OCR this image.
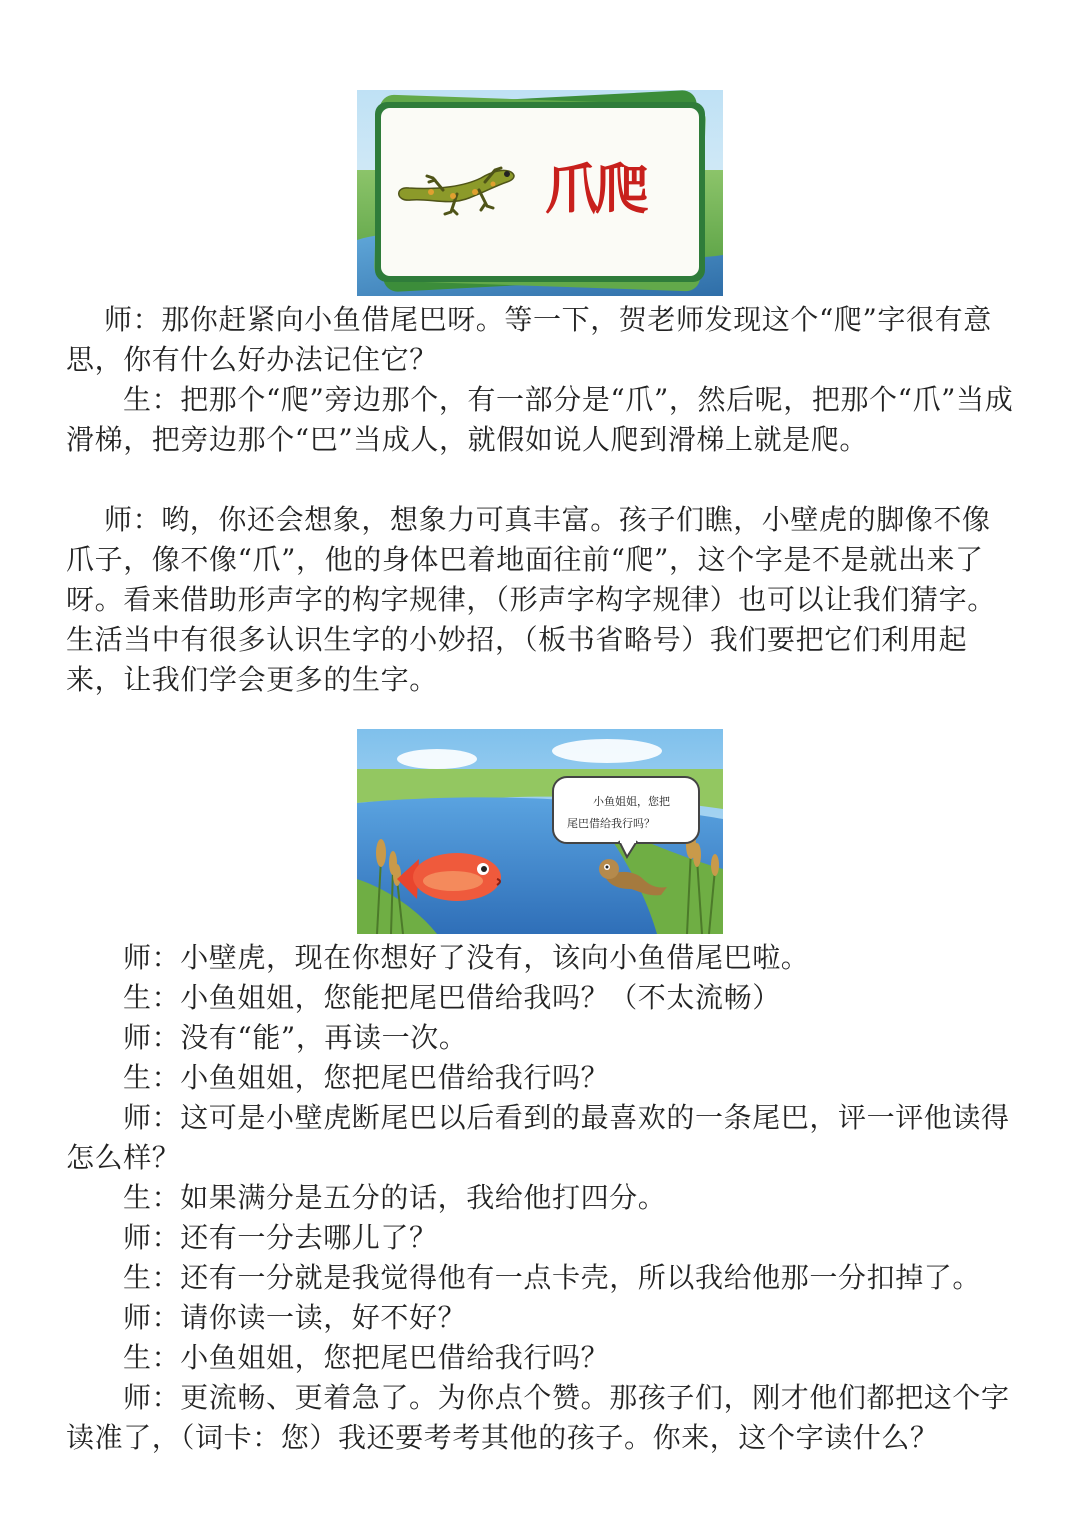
爪
爬

师：那你赶紧向小鱼借尾巴呀。等一下，贺老师发现这个“爬”字很有意思，你有什么好办法记住它？

生：把那个“爬”旁边那个，有一部分是“爪”，然后呢，把那个“爪”当成滑梯，把旁边那个“巴”当成人，就假如说人爬到滑梯上就是爬。

师：哟，你还会想象，想象力可真丰富。孩子们瞧，小壁虎的脚像不像爪子，像不像“爪”，他的身体巴着地面往前“爬”，这个字是不是就出来了呀。看来借助形声字的构字规律，（形声字构字规律）也可以让我们猜字。生活当中有很多认识生字的小妙招，（板书省略号）我们要把它们利用起来，让我们学会更多的生字。

小鱼姐姐，您把
尾巴借给我行吗？
师：小壁虎，现在你想好了没有，该向小鱼借尾巴啦。
生：小鱼姐姐，您能把尾巴借给我吗？（不太流畅）
师：没有“能”，再读一次。
生：小鱼姐姐，您把尾巴借给我行吗？
师：这可是小壁虎断尾巴以后看到的最喜欢的一条尾巴，评一评他读得怎么样？
生：如果满分是五分的话，我给他打四分。
师：还有一分去哪儿了？
生：还有一分就是我觉得他有一点卡壳，所以我给他那一分扣掉了。
师：请你读一读，好不好？
生：小鱼姐姐，您把尾巴借给我行吗？
师：更流畅、更着急了。为你点个赞。那孩子们，刚才他们都把这个字读准了，（词卡：您）我还要考考其他的孩子。你来，这个字读什么？
